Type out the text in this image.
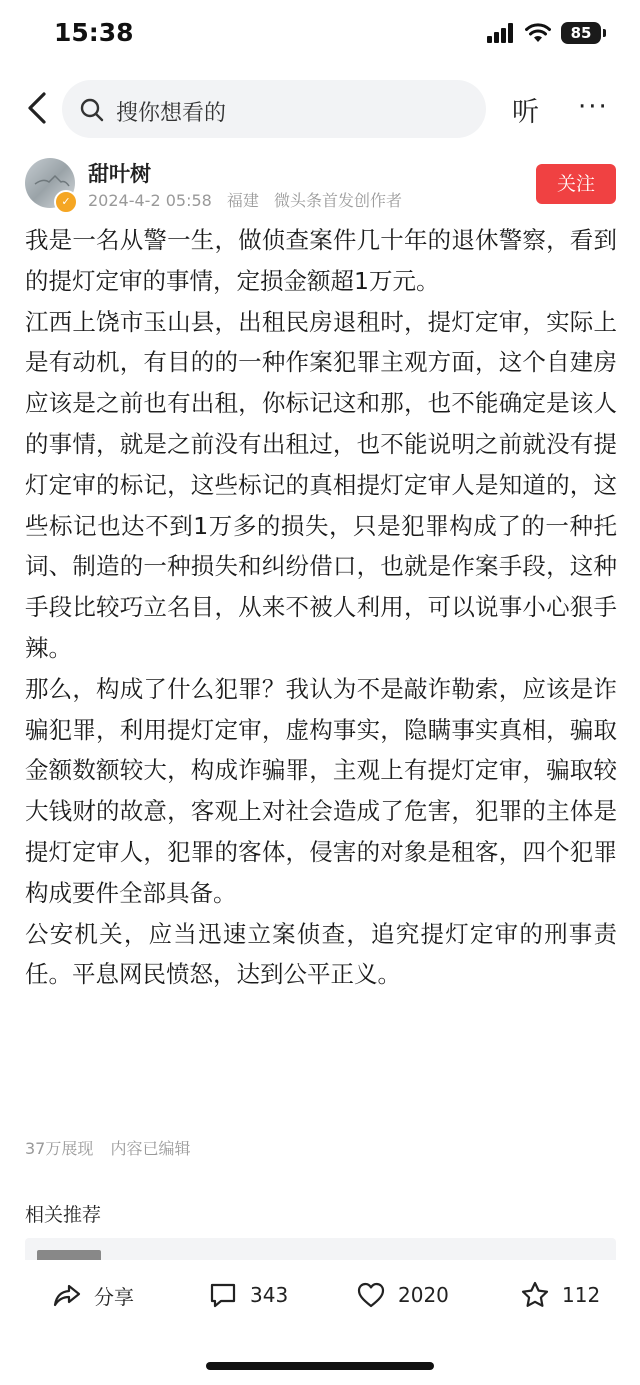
15:38	85
搜你想看的	听 ···
✓
甜叶树
2024-4-2 05:58 福建 微头条首发创作者
关注

我是一名从警一生，做侦查案件几十年的退休警察，看到的提灯定审的事情，定损金额超1万元。

江西上饶市玉山县，出租民房退租时，提灯定审，实际上是有动机，有目的的一种作案犯罪主观方面，这个自建房应该是之前也有出租，你标记这和那，也不能确定是该人的事情，就是之前没有出租过，也不能说明之前就没有提灯定审的标记，这些标记的真相提灯定审人是知道的，这些标记也达不到1万多的损失，只是犯罪构成了的一种托词、制造的一种损失和纠纷借口，也就是作案手段，这种手段比较巧立名目，从来不被人利用，可以说事小心狠手辣。

那么，构成了什么犯罪？我认为不是敲诈勒索，应该是诈骗犯罪，利用提灯定审，虚构事实，隐瞒事实真相，骗取金额数额较大，构成诈骗罪，主观上有提灯定审，骗取较大钱财的故意，客观上对社会造成了危害，犯罪的主体是提灯定审人，犯罪的客体，侵害的对象是租客，四个犯罪构成要件全部具备。

公安机关，应当迅速立案侦查，追究提灯定审的刑事责任。平息网民愤怒，达到公平正义。

37万展现 内容已编辑
相关推荐
分享	343	2020	112
